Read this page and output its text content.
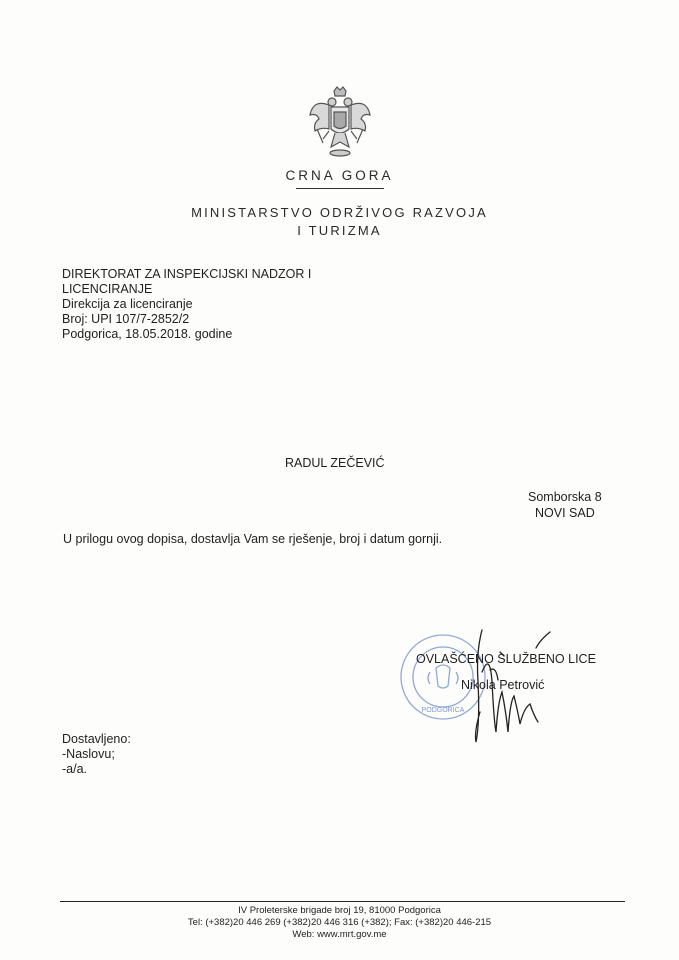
CRNA GORA
MINISTARSTVO ODRŽIVOG RAZVOJA
I TURIZMA
DIREKTORAT ZA INSPEKCIJSKI NADZOR I
LICENCIRANJE
Direkcija za licenciranje
Broj: UPI 107/7-2852/2
Podgorica, 18.05.2018. godine
RADUL ZEČEVIĆ
Somborska 8
NOVI SAD
U prilogu ovog dopisa, dostavlja Vam se rješenje, broj i datum gornji.
PODGORICA
OVLAŠĆENO SLUŽBENO LICE
Nikola Petrović
Dostavljeno:
-Naslovu;
-a/a.
IV Proleterske brigade broj 19, 81000 Podgorica
Tel: (+382)20 446 269 (+382)20 446 316 (+382); Fax: (+382)20 446-215
Web: www.mrt.gov.me
